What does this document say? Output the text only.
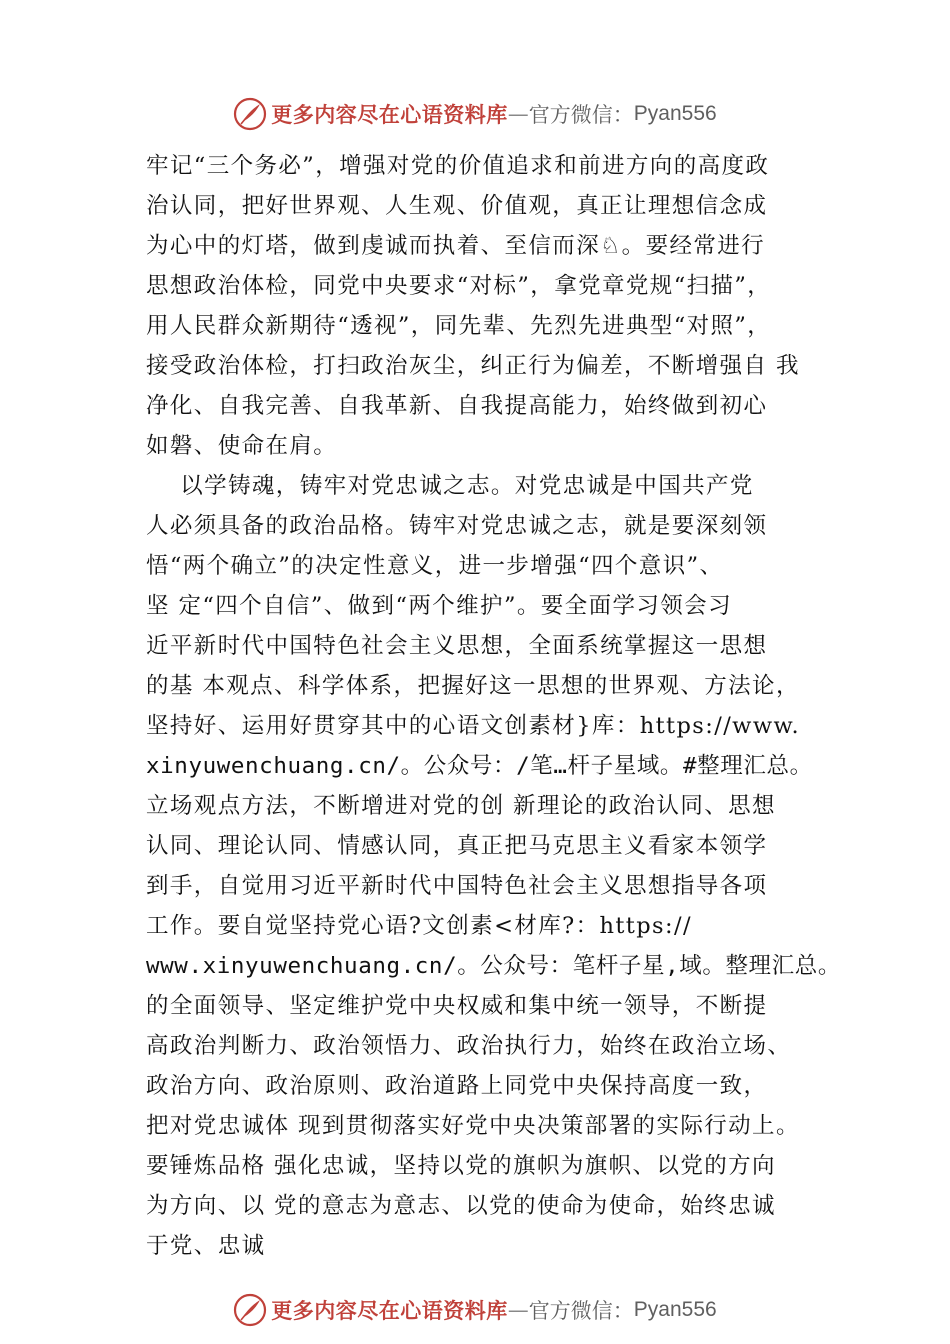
更多内容尽在心语资料库 — 官方微信： Pyan556
牢记“三个务必”，增强对党的价值追求和前进方向的高度政
治认同，把好世界观、人生观、价值观，真正让理想信念成
为心中的灯塔，做到虔诚而执着、至信而深♘。要经常进行
思想政治体检，同党中央要求“对标”，拿党章党规“扫描”，
用人民群众新期待“透视”，同先辈、先烈先进典型“对照”，
接受政治体检，打扫政治灰尘，纠正行为偏差，不断增强自 我
净化、自我完善、自我革新、自我提高能力，始终做到初心
如磐、使命在肩。
以学铸魂，铸牢对党忠诚之志。对党忠诚是中国共产党
人必须具备的政治品格。铸牢对党忠诚之志，就是要深刻领
悟“两个确立”的决定性意义，进一步增强“四个意识”、
坚 定“四个自信”、做到“两个维护”。要全面学习领会习
近平新时代中国特色社会主义思想，全面系统掌握这一思想
的基 本观点、科学体系，把握好这一思想的世界观、方法论，
坚持好、运用好贯穿其中的心语文创素材}库：https://www.
xinyuwenchuang.cn/。公众号：/笔…杆子星域。#整理汇总。
立场观点方法，不断增进对党的创 新理论的政治认同、思想
认同、理论认同、情感认同，真正把马克思主义看家本领学
到手，自觉用习近平新时代中国特色社会主义思想指导各项
工作。要自觉坚持党心语?文创素<材库?：https://
www.xinyuwenchuang.cn/。公众号：笔杆子星,域。整理汇总。
的全面领导、坚定维护党中央权威和集中统一领导，不断提
高政治判断力、政治领悟力、政治执行力，始终在政治立场、
政治方向、政治原则、政治道路上同党中央保持高度一致，
把对党忠诚体 现到贯彻落实好党中央决策部署的实际行动上。
要锤炼品格 强化忠诚，坚持以党的旗帜为旗帜、以党的方向
为方向、以 党的意志为意志、以党的使命为使命，始终忠诚
于党、忠诚
更多内容尽在心语资料库 — 官方微信： Pyan556
